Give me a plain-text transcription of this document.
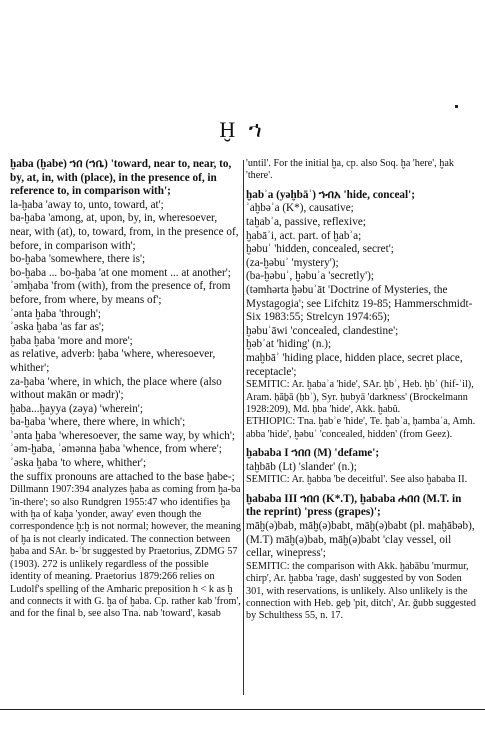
Ḫ ኀ

ḫaba (ḫabe) ኀበ (ኀቤ) 'toward, near to, near, to, by, at, in, with (place), in the presence of, in reference to, in comparison with';

la-ḫaba 'away to, unto, toward, at';

ba-ḫaba 'among, at, upon, by, in, wheresoever, near, with (at), to, toward, from, in the presence of, before, in comparison with';

bo-ḫaba 'somewhere, there is';

bo-ḫaba ... bo-ḫaba 'at one moment ... at another';

ʾəmḫaba 'from (with), from the presence of, from before, from where, by means of';

ʾənta ḫaba 'through';

ʾəska ḫaba 'as far as';

ḫaba ḫaba 'more and more';

as relative, adverb: ḫaba 'where, wheresoever, whither';

za-ḫaba 'where, in which, the place where (also without makān or mədr)';

ḫaba...ḫayya (zəya) 'wherein';

ba-ḫaba 'where, there where, in which';

ʾənta ḫaba 'wheresoever, the same way, by which';

ʾəm-ḫaba, ʾəmənna ḫaba 'whence, from where';

ʾəska ḫaba 'to where, whither';

the suffix pronouns are attached to the base ḫabe-;

Dillmann 1907:394 analyzes ḫaba as coming from ḫa-ba 'in-there'; so also Rundgren 1955:47 who identifies ḫa with ḫa of kaḫa 'yonder, away' even though the correspondence ḫ:ḫ is not normal; however, the meaning of ḫa is not clearly indicated. The connection between ḫaba and SAr. b-ʿbr suggested by Praetorius, ZDMG 57 (1903). 272 is unlikely regardless of the possible identity of meaning. Praetorius 1879:266 relies on Ludolf's spelling of the Amharic preposition h < k as ḫ and connects it with G. ḫa of ḫaba. Cp. rather kab 'from', and for the final b, see also Tna. nab 'toward', kəsab

'until'. For the initial ḫa, cp. also Soq. ḫa 'here', ḫak 'there'.

ḫabʾa (yəḫbāʾ) ኀብአ 'hide, conceal';

ʾaḫbəʾa (K*), causative;

taḫabʾa, passive, reflexive;

ḫabāʾi, act. part. of ḫabʾa;

ḫəbuʾ 'hidden, concealed, secret';

(za-ḫəbuʾ 'mystery');

(ba-ḫəbuʾ, ḫəbuʾa 'secretly');

(təmhərta ḫəbuʾāt 'Doctrine of Mysteries, the Mystagogia'; see Lifchitz 19-85; Hammerschmidt-Six 1983:55; Strelcyn 1974:65);

ḫəbuʾāwi 'concealed, clandestine';

ḫəbʾat 'hiding' (n.);

maḫbāʾ 'hiding place, hidden place, secret place, receptacle';

SEMITIC: Ar. ḫabaʾa 'hide', SAr. ḫbʾ, Heb. ḫbʾ (hif-ʿil), Aram. ḥăḇā (ḥbʾ), Syr. ḥubyā 'darkness' (Brockelmann 1928:209), Md. ḥba 'hide', Akk. ḫabû.

ETHIOPIC: Tna. ḫabʾe 'hide', Te. ḫabʾa, ḥambaʾa, Amh. abba 'hide', ḫəbuʾ 'concealed, hidden' (from Geez).

ḫababa I ኀበበ (M) 'defame';

taḫbāb (Lt) 'slander' (n.);

SEMITIC: Ar. ḫabba 'be deceitful'. See also ḫababa II.

ḫababa III ኀበበ (K*.T), ḫababa ሐበበ (M.T. in the reprint) 'press (grapes)';

māḫ(ə)bab, māḫ(ə)babt, māḫ(ə)babt (pl. maḫābəb), (M.T) māḫ(ə)bab, māḫ(ə)babt 'clay vessel, oil cellar, winepress';

SEMITIC: the comparison with Akk. ḫabābu 'murmur, chirp', Ar. ḫabba 'rage, dash' suggested by von Soden 301, with reservations, is unlikely. Also unlikely is the connection with Heb. geḇ 'pit, ditch', Ar. ǧubb suggested by Schulthess 55, n. 17.
